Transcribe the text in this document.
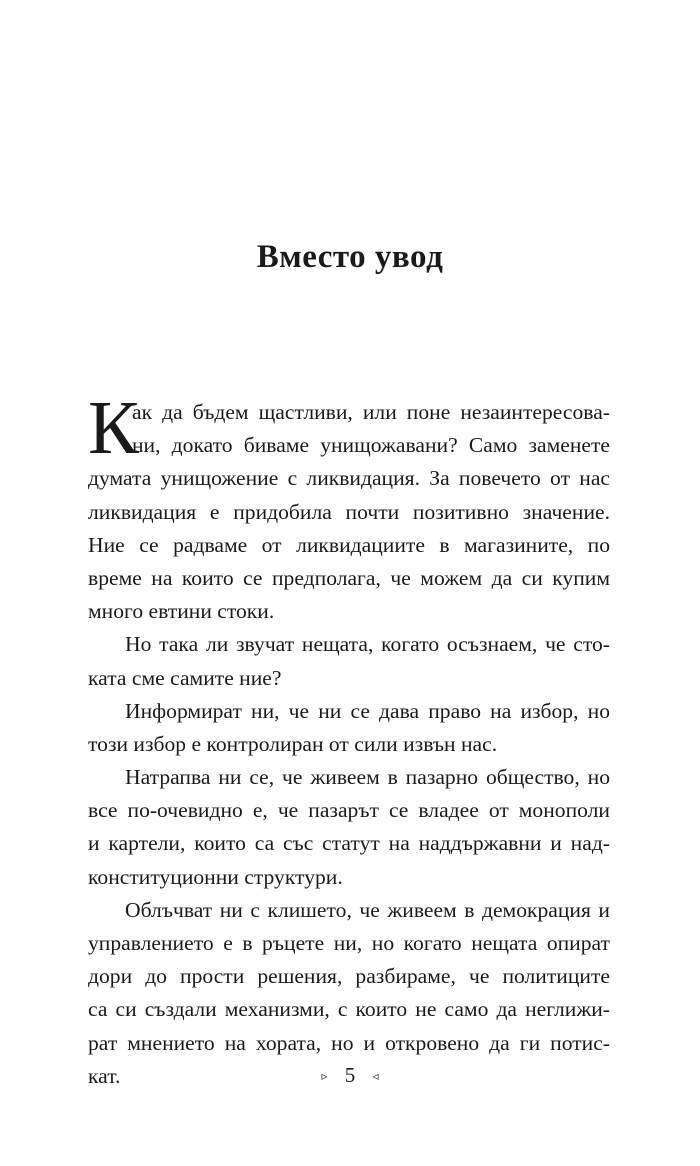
Вместо увод
К
ак да бъдем щастливи, или поне незаинтересова-
ни, докато биваме унищожавани? Само заменете
думата унищожение с ликвидация. За повечето от нас
ликвидация е придобила почти позитивно значение.
Ние се радваме от ликвидациите в магазините, по
време на които се предполага, че можем да си купим
много евтини стоки.
Но така ли звучат нещата, когато осъзнаем, че сто-
ката сме самите ние?
Информират ни, че ни се дава право на избор, но
този избор е контролиран от сили извън нас.
Натрапва ни се, че живеем в пазарно общество, но
все по-очевидно е, че пазарът се владее от монополи
и картели, които са със статут на наддържавни и над-
конституционни структури.
Облъчват ни с клишето, че живеем в демокрация и
управлението е в ръцете ни, но когато нещата опират
дори до прости решения, разбираме, че политиците
са си създали механизми, с които не само да неглижи-
рат мнението на хората, но и откровено да ги потис-
кат.	▹ 5 ◃
